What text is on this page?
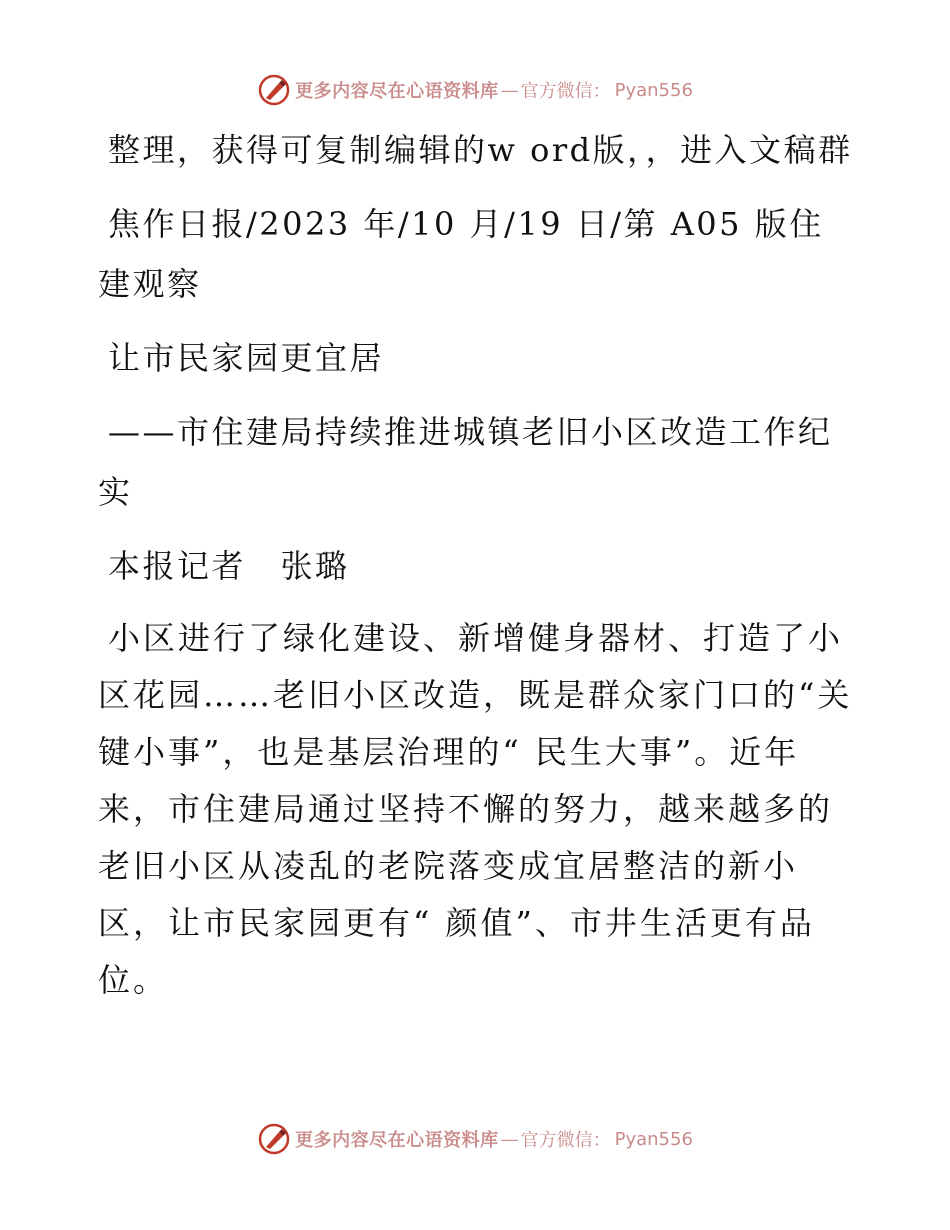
更多内容尽在心语资料库 — 官方微信： Pyan556

整理，获得可复制编辑的w ord版，，进入文稿群

焦作日报/2023 年/10 月/19 日/第 A05 版住建观察

让市民家园更宜居

——市住建局持续推进城镇老旧小区改造工作纪实

本报记者　张璐

小区进行了绿化建设、新增健身器材、打造了小区花园……老旧小区改造，既是群众家门口的“关键小事”，也是基层治理的“ 民生大事”。近年来，市住建局通过坚持不懈的努力，越来越多的老旧小区从凌乱的老院落变成宜居整洁的新小区，让市民家园更有“ 颜值”、市井生活更有品位。

更多内容尽在心语资料库 — 官方微信： Pyan556
